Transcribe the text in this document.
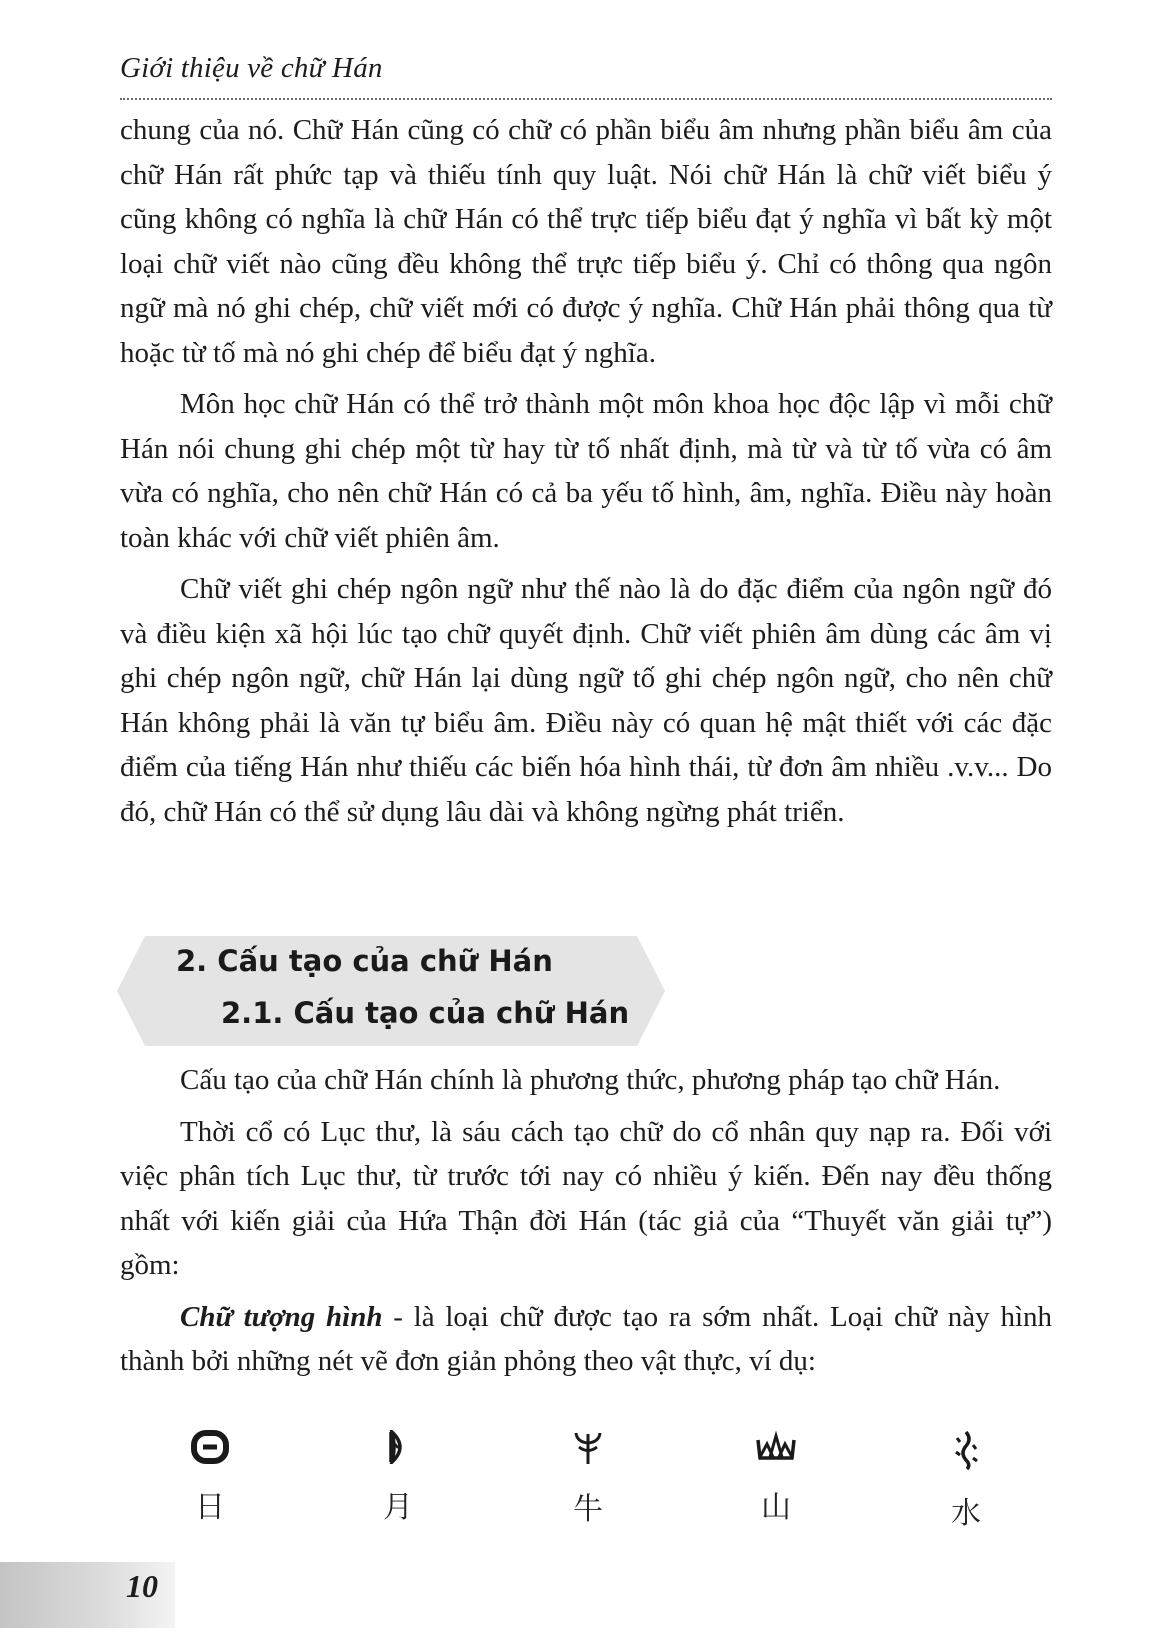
Giới thiệu về chữ Hán

chung của nó. Chữ Hán cũng có chữ có phần biểu âm nhưng phần biểu âm của chữ Hán rất phức tạp và thiếu tính quy luật. Nói chữ Hán là chữ viết biểu ý cũng không có nghĩa là chữ Hán có thể trực tiếp biểu đạt ý nghĩa vì bất kỳ một loại chữ viết nào cũng đều không thể trực tiếp biểu ý. Chỉ có thông qua ngôn ngữ mà nó ghi chép, chữ viết mới có được ý nghĩa. Chữ Hán phải thông qua từ hoặc từ tố mà nó ghi chép để biểu đạt ý nghĩa.

Môn học chữ Hán có thể trở thành một môn khoa học độc lập vì mỗi chữ Hán nói chung ghi chép một từ hay từ tố nhất định, mà từ và từ tố vừa có âm vừa có nghĩa, cho nên chữ Hán có cả ba yếu tố hình, âm, nghĩa. Điều này hoàn toàn khác với chữ viết phiên âm.

Chữ viết ghi chép ngôn ngữ như thế nào là do đặc điểm của ngôn ngữ đó và điều kiện xã hội lúc tạo chữ quyết định. Chữ viết phiên âm dùng các âm vị ghi chép ngôn ngữ, chữ Hán lại dùng ngữ tố ghi chép ngôn ngữ, cho nên chữ Hán không phải là văn tự biểu âm. Điều này có quan hệ mật thiết với các đặc điểm của tiếng Hán như thiếu các biến hóa hình thái, từ đơn âm nhiều .v.v... Do đó, chữ Hán có thể sử dụng lâu dài và không ngừng phát triển.

2. Cấu tạo của chữ Hán
2.1. Cấu tạo của chữ Hán

Cấu tạo của chữ Hán chính là phương thức, phương pháp tạo chữ Hán.

Thời cổ có Lục thư, là sáu cách tạo chữ do cổ nhân quy nạp ra. Đối với việc phân tích Lục thư, từ trước tới nay có nhiều ý kiến. Đến nay đều thống nhất với kiến giải của Hứa Thận đời Hán (tác giả của “Thuyết văn giải tự”) gồm:

Chữ tượng hình - là loại chữ được tạo ra sớm nhất. Loại chữ này hình thành bởi những nét vẽ đơn giản phỏng theo vật thực, ví dụ:

日	月	牛	山	水
10
